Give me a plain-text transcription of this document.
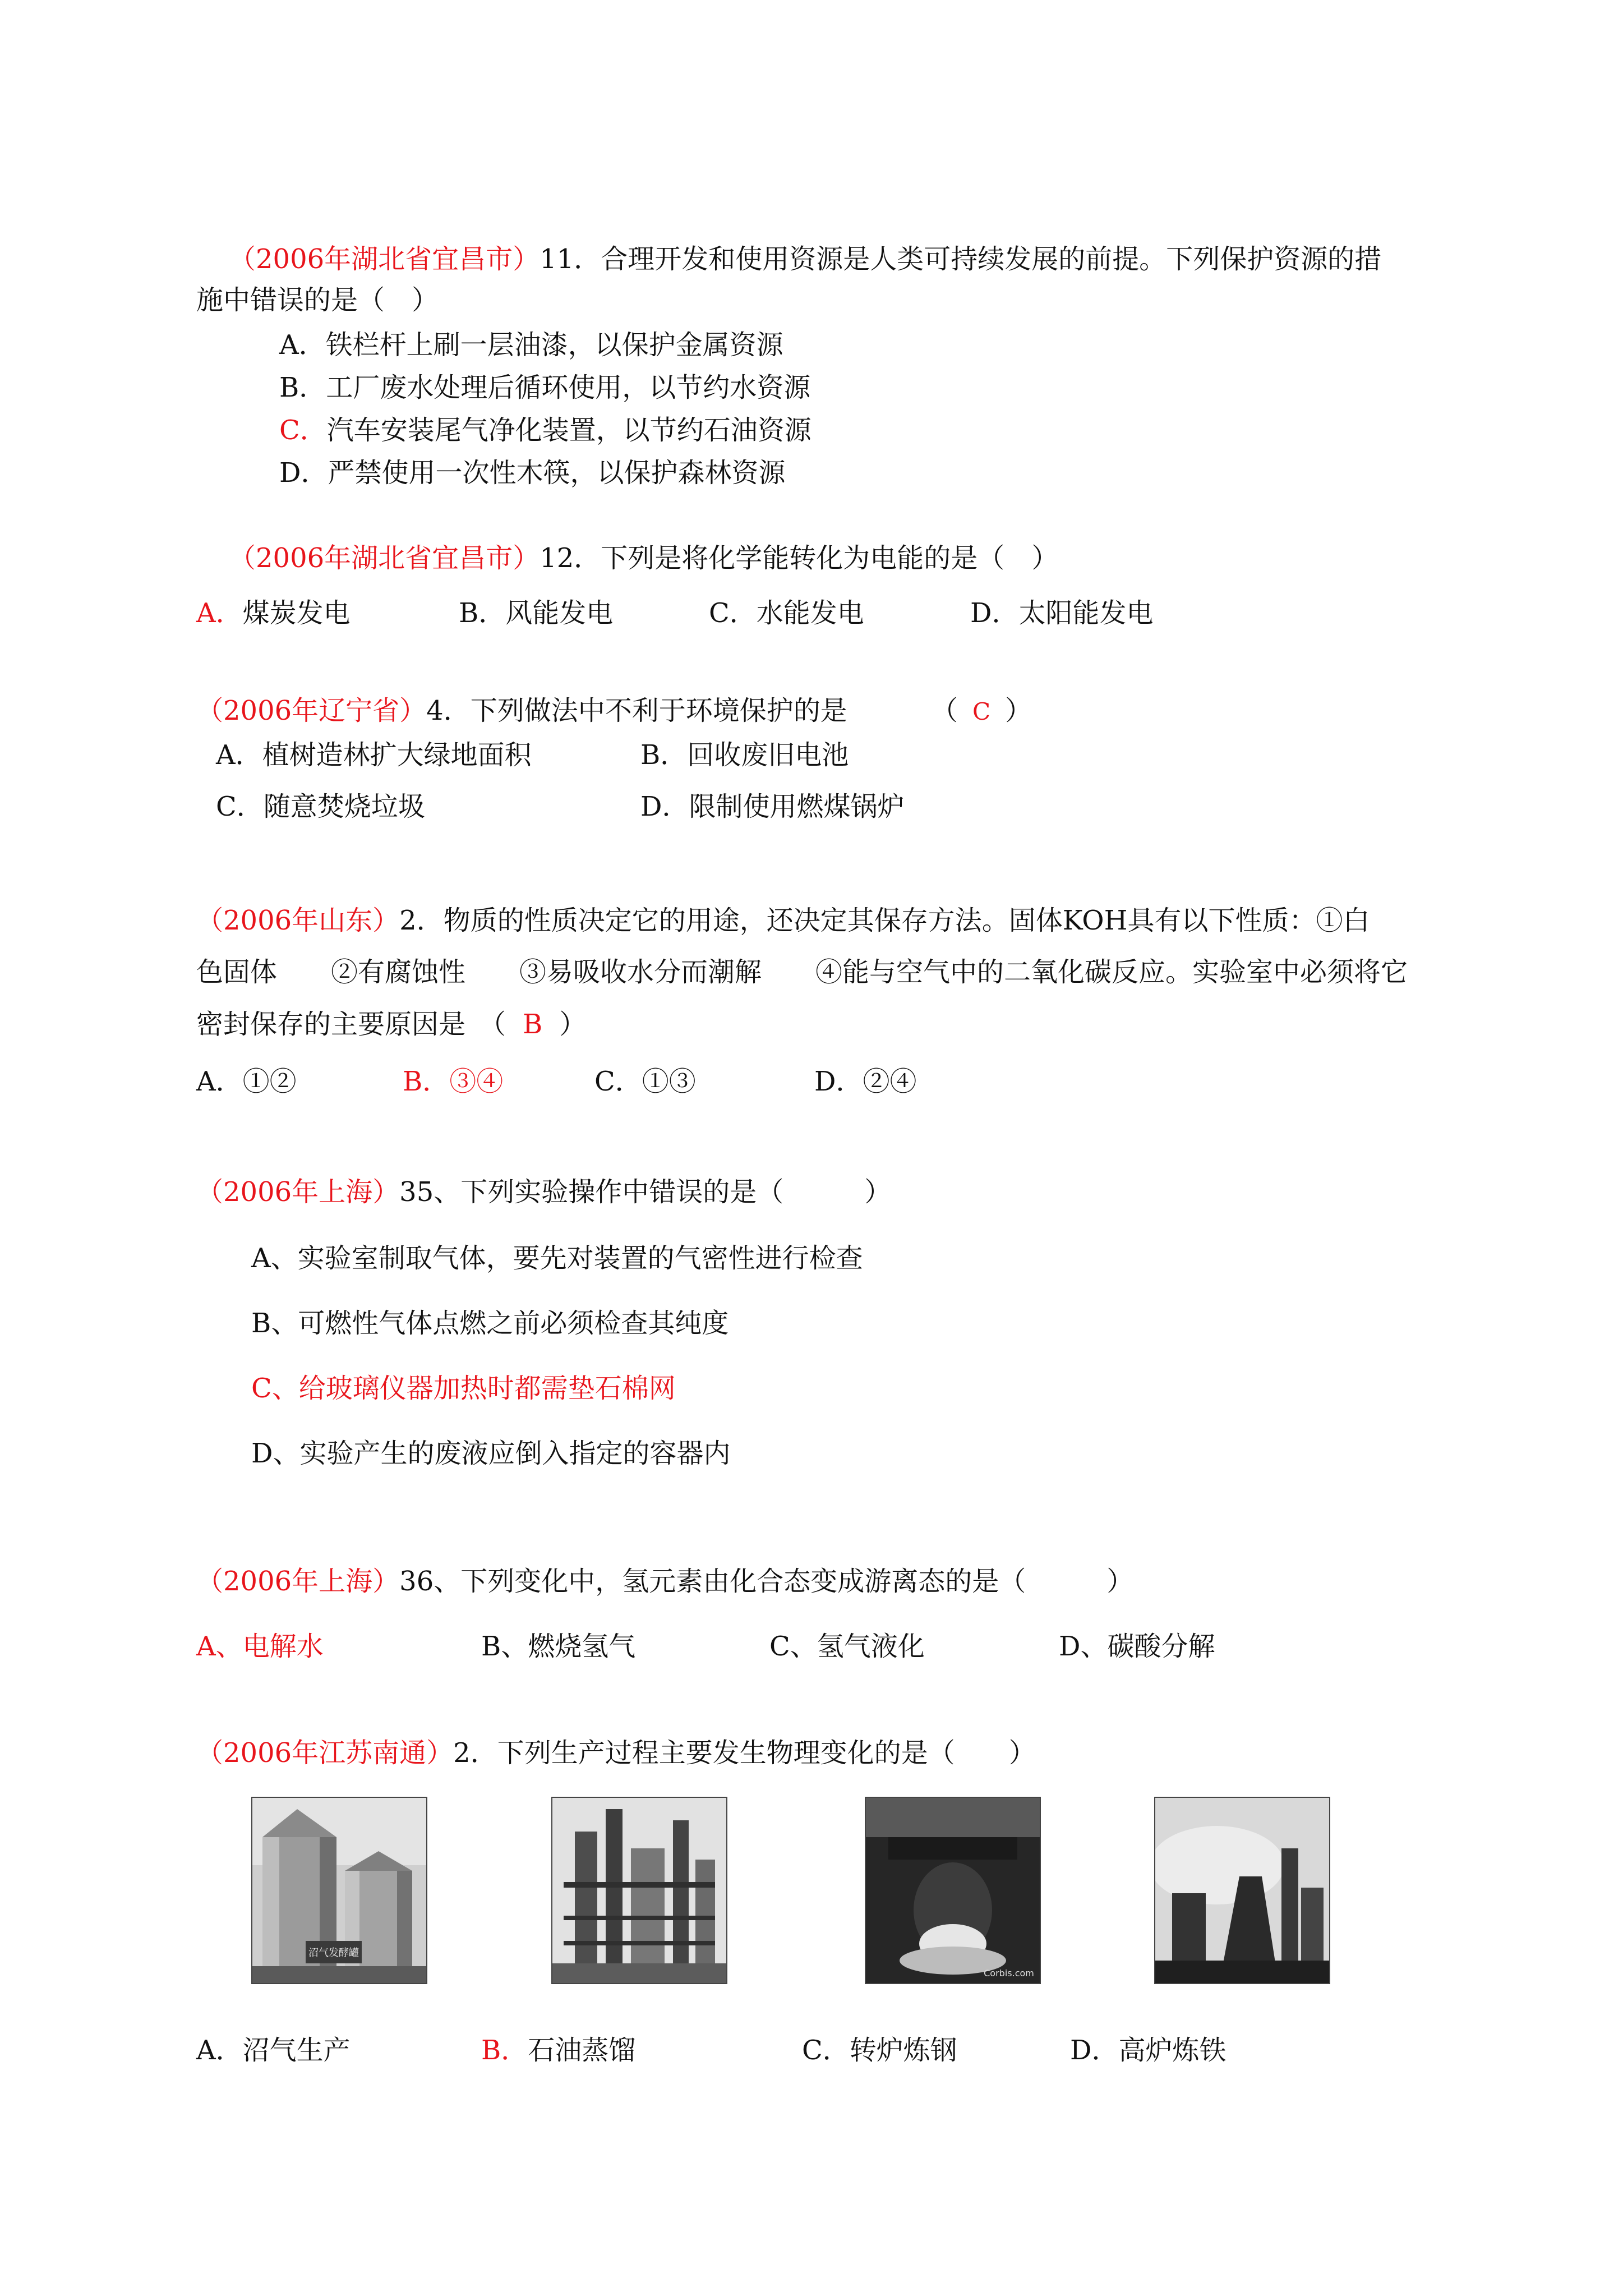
（2006年湖北省宜昌市）11．合理开发和使用资源是人类可持续发展的前提。下列保护资源的措
施中错误的是（　）
A．铁栏杆上刷一层油漆，以保护金属资源
B．工厂废水处理后循环使用，以节约水资源
C．汽车安装尾气净化装置，以节约石油资源
D．严禁使用一次性木筷，以保护森林资源
（2006年湖北省宜昌市）12．下列是将化学能转化为电能的是（　）
A．煤炭发电	B．风能发电	C．水能发电	D．太阳能发电
（2006年辽宁省）4．下列做法中不利于环境保护的是	（ C ）
A．植树造林扩大绿地面积	B．回收废旧电池
C．随意焚烧垃圾	D．限制使用燃煤锅炉
（2006年山东）2．物质的性质决定它的用途，还决定其保存方法。固体KOH具有以下性质：①白
色固体　　②有腐蚀性　　③易吸收水分而潮解　　④能与空气中的二氧化碳反应。实验室中必须将它
密封保存的主要原因是　（ B ）
A．①②	B．③④	C．①③	D．②④
（2006年上海）35、下列实验操作中错误的是（　　　）
A、实验室制取气体，要先对装置的气密性进行检查
B、可燃性气体点燃之前必须检查其纯度
C、给玻璃仪器加热时都需垫石棉网
D、实验产生的废液应倒入指定的容器内
（2006年上海）36、下列变化中，氢元素由化合态变成游离态的是（　　　）
A、电解水	B、燃烧氢气	C、氢气液化	D、碳酸分解
（2006年江苏南通）2．下列生产过程主要发生物理变化的是（　　）
沼气发酵罐
Corbis.com
A．沼气生产	B．石油蒸馏	C．转炉炼钢	D．高炉炼铁
